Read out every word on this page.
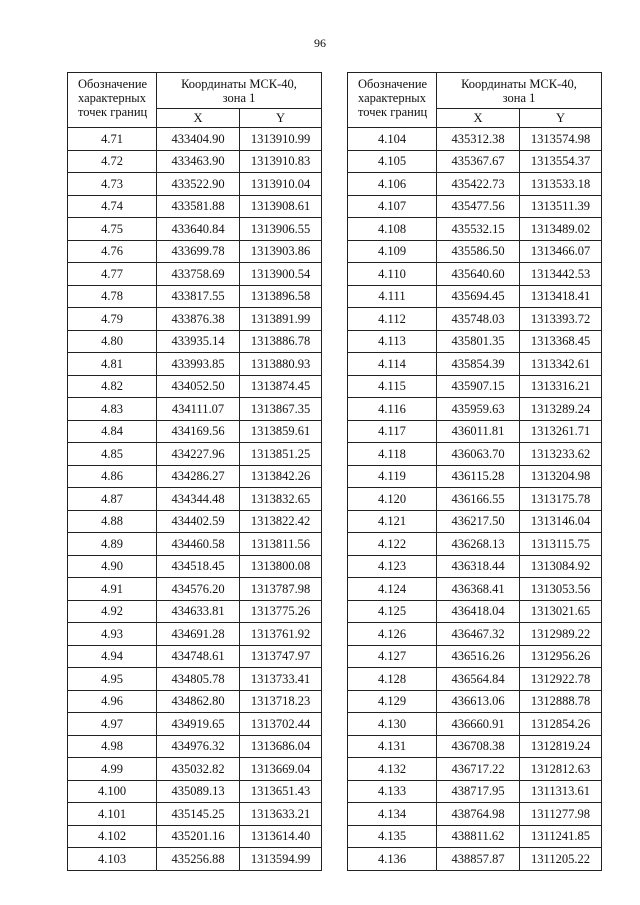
96
Обозначение характерных точек границ	Координаты МСК-40,
зона 1	
	X	Y
4.71	433404.90	1313910.99
4.72	433463.90	1313910.83
4.73	433522.90	1313910.04
4.74	433581.88	1313908.61
4.75	433640.84	1313906.55
4.76	433699.78	1313903.86
4.77	433758.69	1313900.54
4.78	433817.55	1313896.58
4.79	433876.38	1313891.99
4.80	433935.14	1313886.78
4.81	433993.85	1313880.93
4.82	434052.50	1313874.45
4.83	434111.07	1313867.35
4.84	434169.56	1313859.61
4.85	434227.96	1313851.25
4.86	434286.27	1313842.26
4.87	434344.48	1313832.65
4.88	434402.59	1313822.42
4.89	434460.58	1313811.56
4.90	434518.45	1313800.08
4.91	434576.20	1313787.98
4.92	434633.81	1313775.26
4.93	434691.28	1313761.92
4.94	434748.61	1313747.97
4.95	434805.78	1313733.41
4.96	434862.80	1313718.23
4.97	434919.65	1313702.44
4.98	434976.32	1313686.04
4.99	435032.82	1313669.04
4.100	435089.13	1313651.43
4.101	435145.25	1313633.21
4.102	435201.16	1313614.40
4.103	435256.88	1313594.99
Обозначение характерных точек границ	Координаты МСК-40,
зона 1	
	X	Y
4.104	435312.38	1313574.98
4.105	435367.67	1313554.37
4.106	435422.73	1313533.18
4.107	435477.56	1313511.39
4.108	435532.15	1313489.02
4.109	435586.50	1313466.07
4.110	435640.60	1313442.53
4.111	435694.45	1313418.41
4.112	435748.03	1313393.72
4.113	435801.35	1313368.45
4.114	435854.39	1313342.61
4.115	435907.15	1313316.21
4.116	435959.63	1313289.24
4.117	436011.81	1313261.71
4.118	436063.70	1313233.62
4.119	436115.28	1313204.98
4.120	436166.55	1313175.78
4.121	436217.50	1313146.04
4.122	436268.13	1313115.75
4.123	436318.44	1313084.92
4.124	436368.41	1313053.56
4.125	436418.04	1313021.65
4.126	436467.32	1312989.22
4.127	436516.26	1312956.26
4.128	436564.84	1312922.78
4.129	436613.06	1312888.78
4.130	436660.91	1312854.26
4.131	436708.38	1312819.24
4.132	436717.22	1312812.63
4.133	438717.95	1311313.61
4.134	438764.98	1311277.98
4.135	438811.62	1311241.85
4.136	438857.87	1311205.22
